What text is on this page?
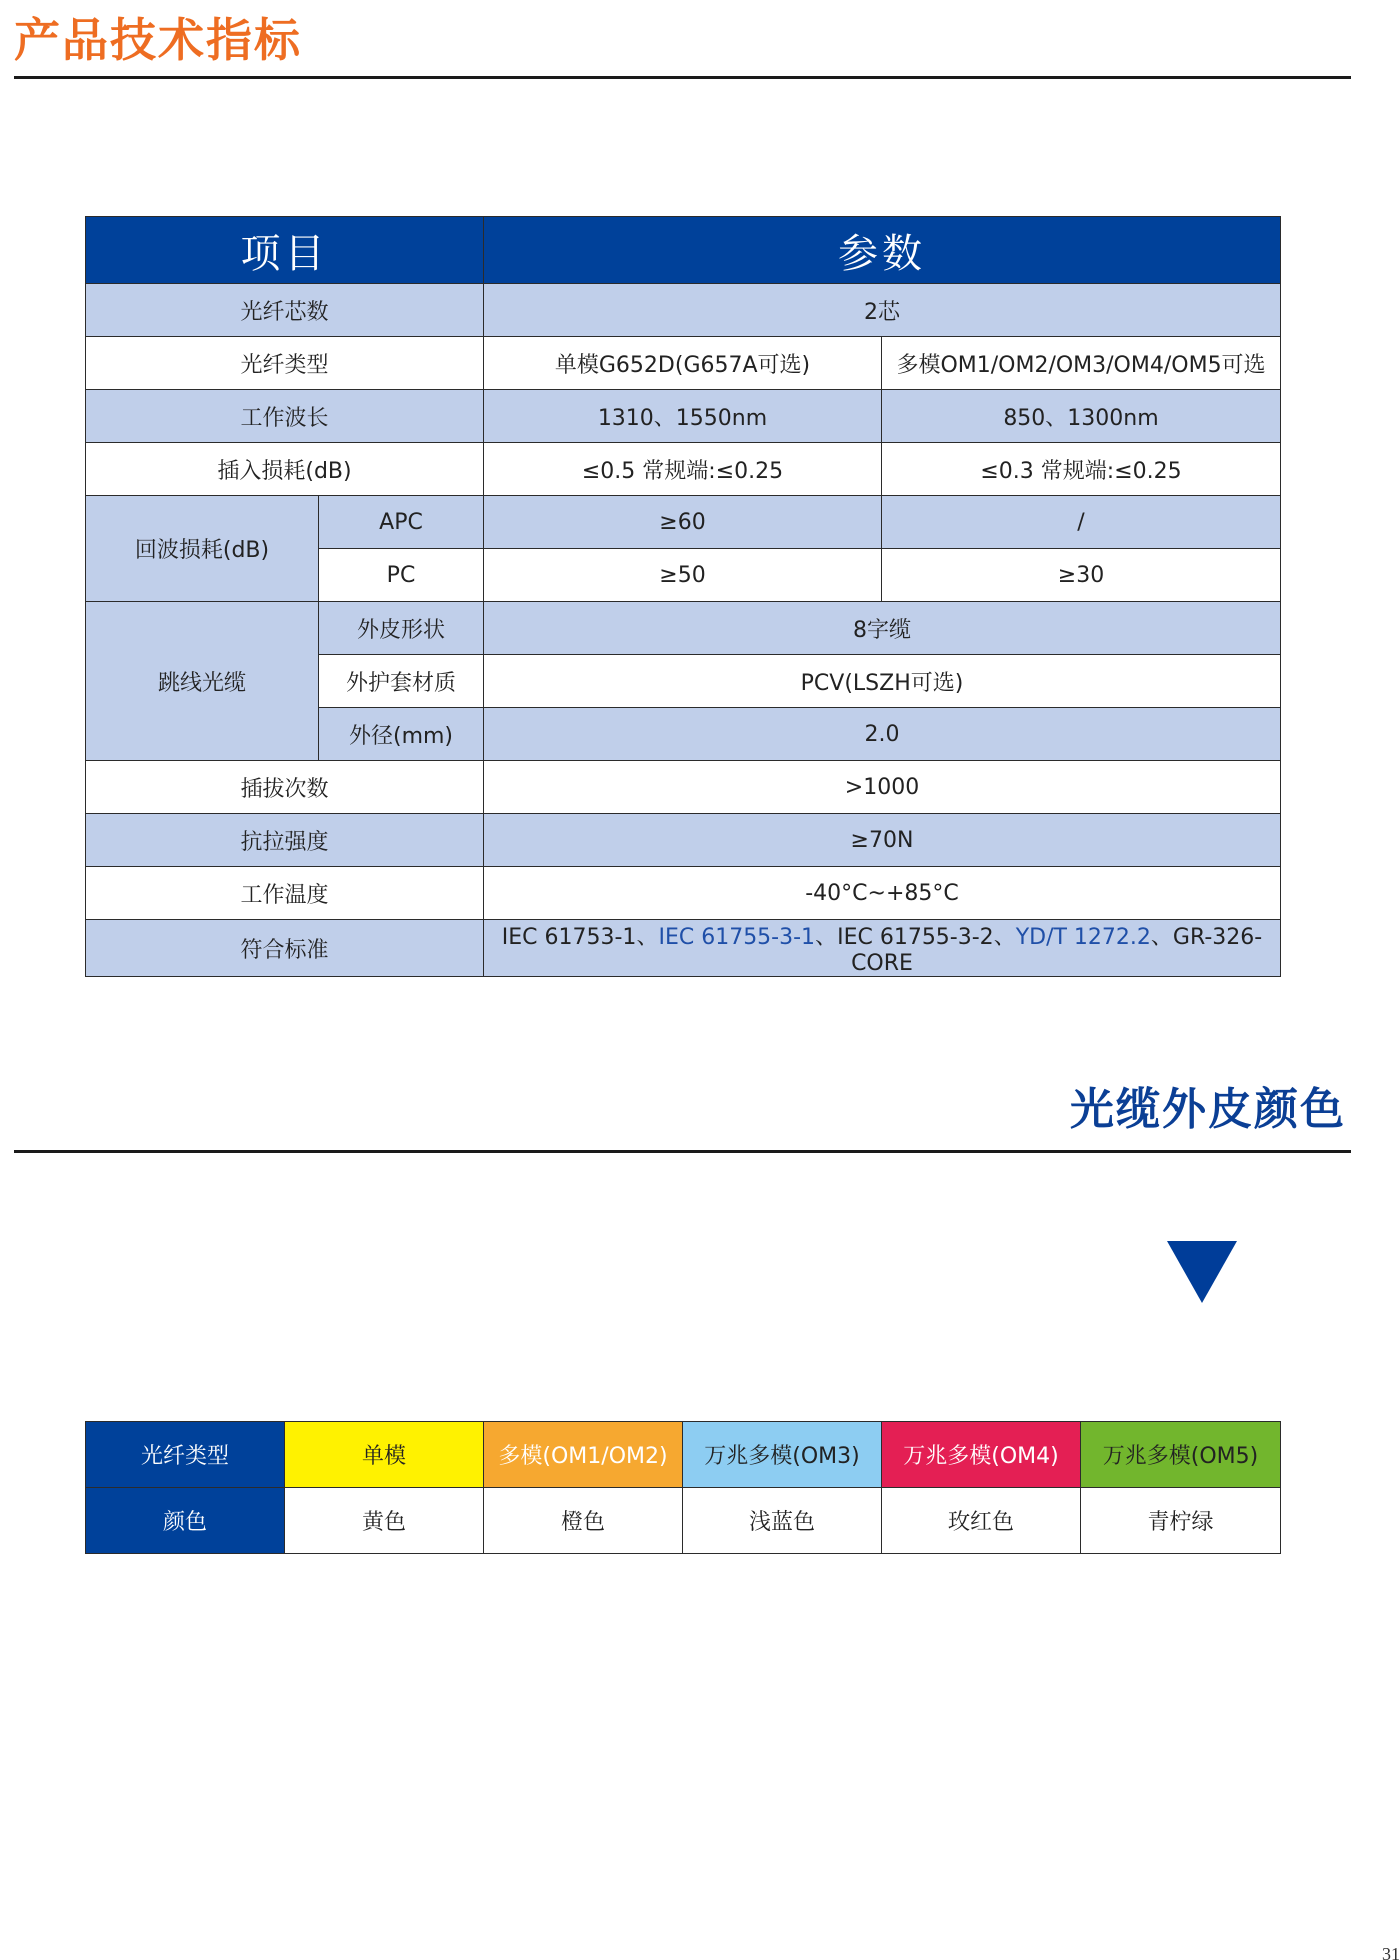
产品技术指标
项目		参数	
光纤芯数		2芯	
光纤类型		单模G652D(G657A可选)	多模OM1/OM2/OM3/OM4/OM5可选
工作波长		1310、1550nm	850、1300nm
插入损耗(dB)		≤0.5 常规端:≤0.25	≤0.3 常规端:≤0.25
回波损耗(dB)	APC	≥60	/
	PC	≥50	≥30
跳线光缆	外皮形状	8字缆	
	外护套材质	PCV(LSZH可选)	
	外径(mm)	2.0	
插拔次数		>1000	
抗拉强度		≥70N	
工作温度		-40°C~+85°C	
符合标准		IEC 61753-1、IEC 61755-3-1、IEC 61755-3-2、YD/T 1272.2、GR-326-CORE	
光缆外皮颜色
光纤类型	单模	多模(OM1/OM2)	万兆多模(OM3)	万兆多模(OM4)	万兆多模(OM5)
颜色	黄色	橙色	浅蓝色	玫红色	青柠绿
31
